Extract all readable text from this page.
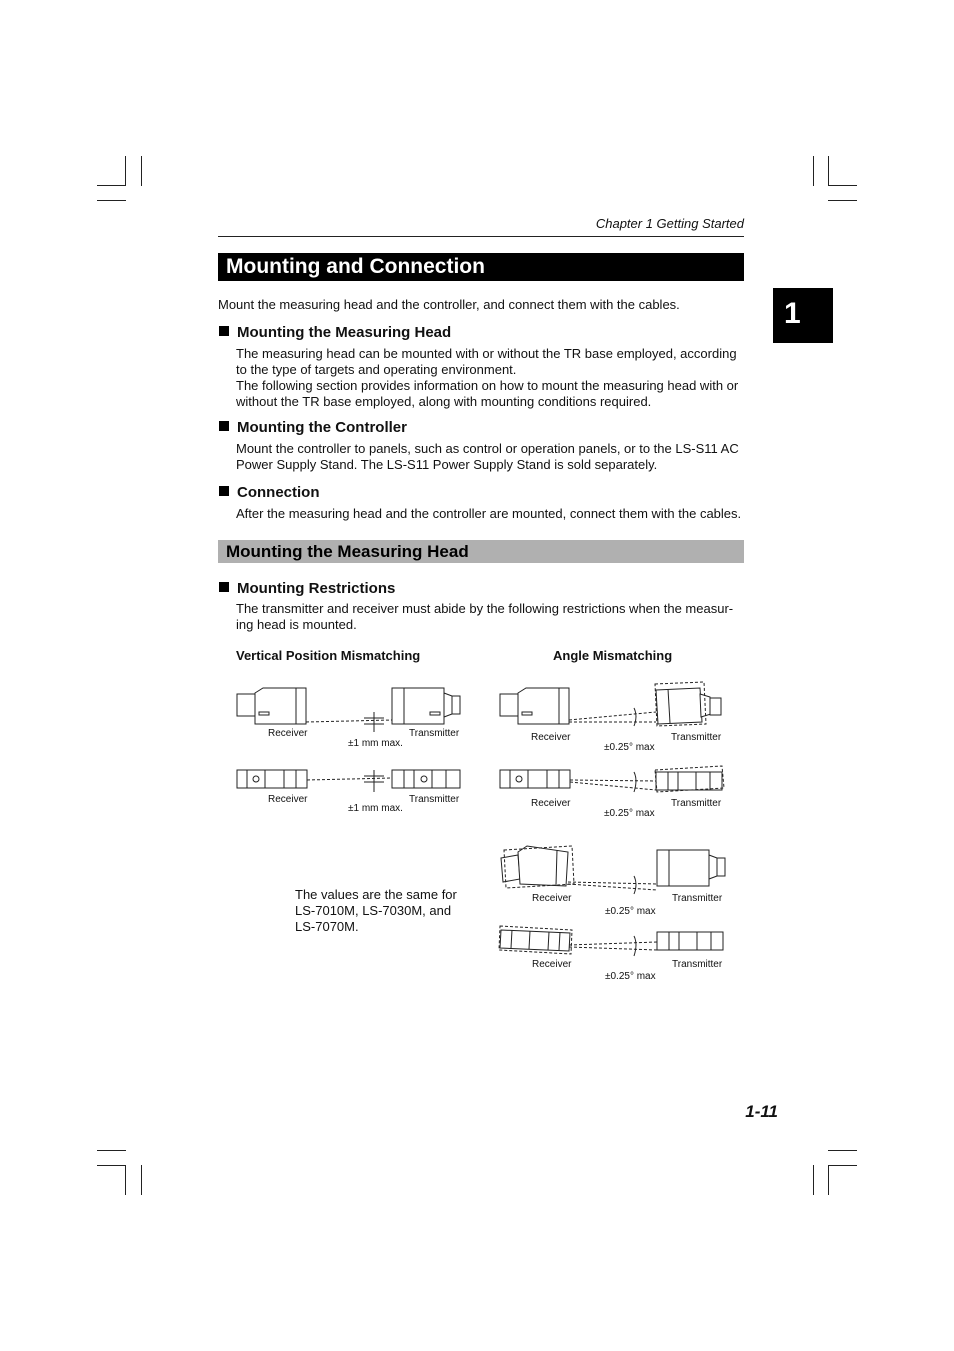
Chapter 1 Getting Started
Mounting and Connection
1
Mount the measuring head and the controller, and connect them with the cables.
Mounting the Measuring Head
The measuring head can be mounted with or without the TR base employed, according
to the type of targets and operating environment.
The following section provides information on how to mount the measuring head with or
without the TR base employed, along with mounting conditions required.
Mounting the Controller
Mount the controller to panels, such as control or operation panels, or to the LS-S11 AC
Power Supply Stand. The LS-S11 Power Supply Stand is sold separately.
Connection
After the measuring head and the controller are mounted, connect them with the cables.
Mounting the Measuring Head
Mounting Restrictions
The transmitter and receiver must abide by the following restrictions when the measur-
ing head is mounted.
Vertical Position Mismatching	Angle Mismatching
Receiver	Transmitter
±1 mm max.
Receiver	Transmitter
±1 mm max.
Receiver	Transmitter
±0.25° max
Receiver	Transmitter
±0.25° max
Receiver	Transmitter
±0.25° max
Receiver	Transmitter
±0.25° max
The values are the same for
LS-7010M, LS-7030M, and
LS-7070M.
1-11
